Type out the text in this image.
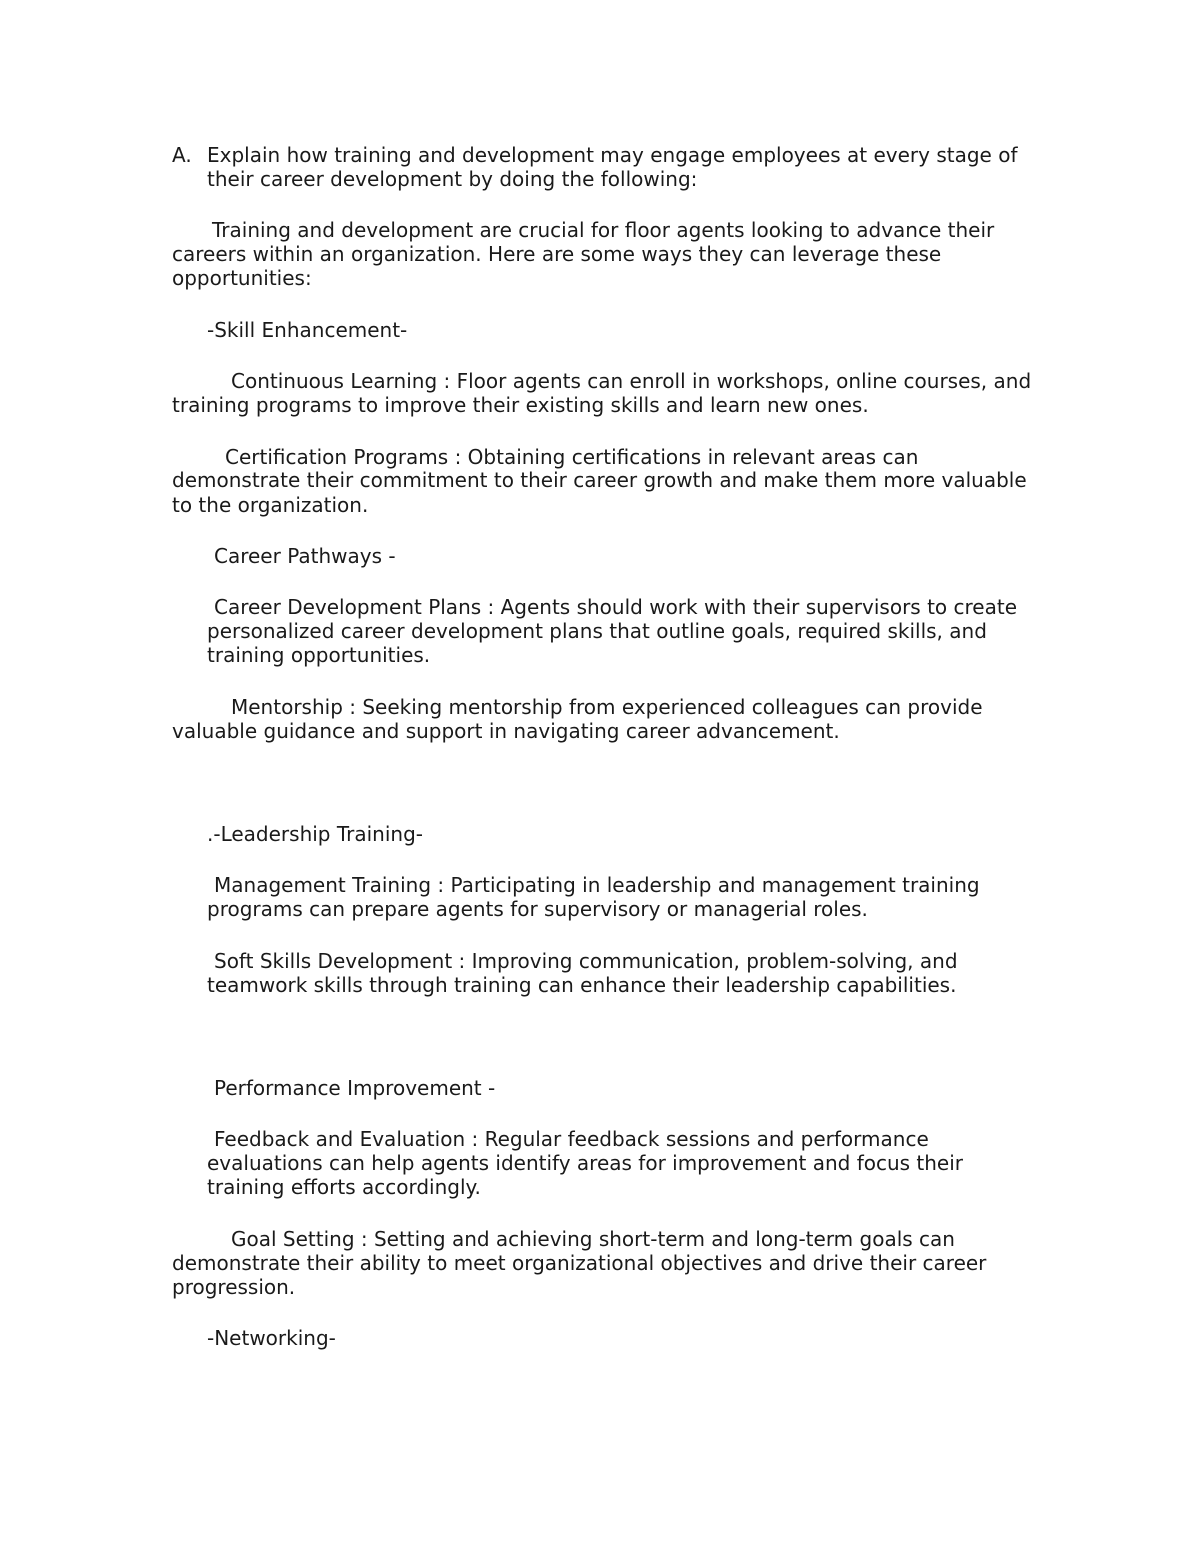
A. Explain how training and development may engage employees at every stage of
their career development by doing the following:
Training and development are crucial for floor agents looking to advance their
careers within an organization. Here are some ways they can leverage these
opportunities:
-Skill Enhancement-
Continuous Learning : Floor agents can enroll in workshops, online courses, and
training programs to improve their existing skills and learn new ones.
Certification Programs : Obtaining certifications in relevant areas can
demonstrate their commitment to their career growth and make them more valuable
to the organization.
Career Pathways -
Career Development Plans : Agents should work with their supervisors to create
personalized career development plans that outline goals, required skills, and
training opportunities.
Mentorship : Seeking mentorship from experienced colleagues can provide
valuable guidance and support in navigating career advancement.
.-Leadership Training-
Management Training : Participating in leadership and management training
programs can prepare agents for supervisory or managerial roles.
Soft Skills Development : Improving communication, problem-solving, and
teamwork skills through training can enhance their leadership capabilities.
Performance Improvement -
Feedback and Evaluation : Regular feedback sessions and performance
evaluations can help agents identify areas for improvement and focus their
training efforts accordingly.
Goal Setting : Setting and achieving short-term and long-term goals can
demonstrate their ability to meet organizational objectives and drive their career
progression.
-Networking-
